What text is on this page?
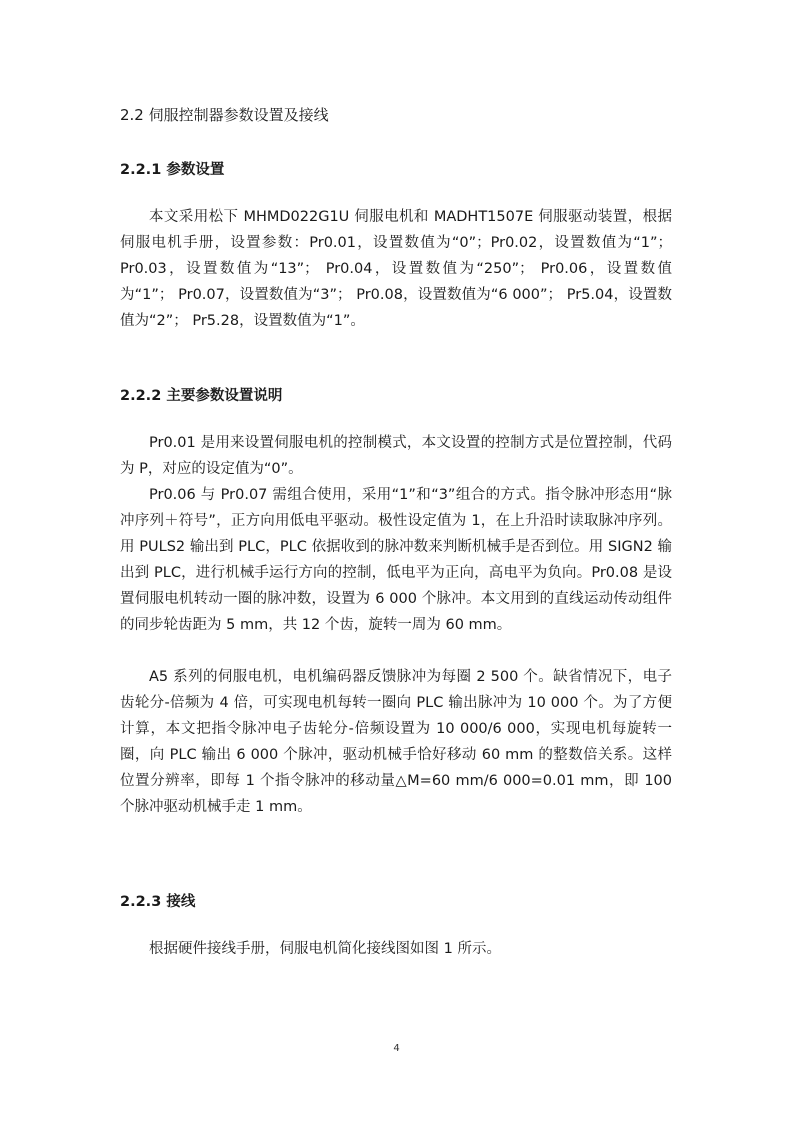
2.2 伺服控制器参数设置及接线
2.2.1 参数设置

本文采用松下 MHMD022G1U 伺服电机和 MADHT1507E 伺服驱动装置，根据伺服电机手册，设置参数：Pr0.01，设置数值为“0”；Pr0.02，设置数值为“1”；Pr0.03，设置数值为“13”； Pr0.04，设置数值为“250”； Pr0.06，设置数值为“1”； Pr0.07，设置数值为“3”； Pr0.08，设置数值为“6 000”； Pr5.04，设置数值为“2”； Pr5.28，设置数值为“1”。

2.2.2 主要参数设置说明

Pr0.01 是用来设置伺服电机的控制模式，本文设置的控制方式是位置控制，代码为 P，对应的设定值为“0”。

Pr0.06 与 Pr0.07 需组合使用，采用“1”和“3”组合的方式。指令脉冲形态用“脉冲序列＋符号”，正方向用低电平驱动。极性设定值为 1，在上升沿时读取脉冲序列。用 PULS2 输出到 PLC，PLC 依据收到的脉冲数来判断机械手是否到位。用 SIGN2 输出到 PLC，进行机械手运行方向的控制，低电平为正向，高电平为负向。Pr0.08 是设置伺服电机转动一圈的脉冲数，设置为 6 000 个脉冲。本文用到的直线运动传动组件的同步轮齿距为 5 mm，共 12 个齿，旋转一周为 60 mm。

A5 系列的伺服电机，电机编码器反馈脉冲为每圈 2 500 个。缺省情况下，电子齿轮分-倍频为 4 倍，可实现电机每转一圈向 PLC 输出脉冲为 10 000 个。为了方便计算，本文把指令脉冲电子齿轮分-倍频设置为 10 000/6 000，实现电机每旋转一圈，向 PLC 输出 6 000 个脉冲，驱动机械手恰好移动 60 mm 的整数倍关系。这样位置分辨率，即每 1 个指令脉冲的移动量△M=60 mm/6 000=0.01 mm，即 100 个脉冲驱动机械手走 1 mm。

2.2.3 接线

根据硬件接线手册，伺服电机简化接线图如图 1 所示。

4
